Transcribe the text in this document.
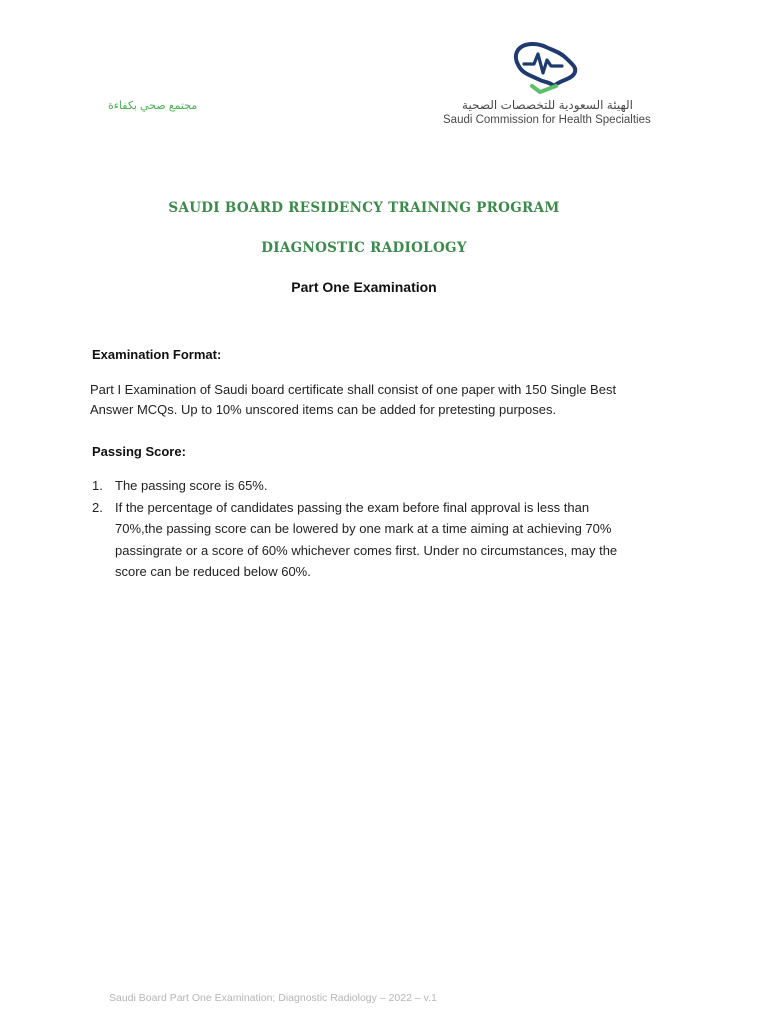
مجتمع صحي بكفاءة	الهيئة السعودية للتخصصات الصحية
Saudi Commission for Health Specialties
SAUDI BOARD RESIDENCY TRAINING PROGRAM
DIAGNOSTIC RADIOLOGY
Part One Examination
Examination Format:
Part I Examination of Saudi board certificate shall consist of one paper with 150 Single Best Answer MCQs. Up to 10% unscored items can be added for pretesting purposes.
Passing Score:
1. The passing score is 65%.
2. If the percentage of candidates passing the exam before final approval is less than 70%,the passing score can be lowered by one mark at a time aiming at achieving 70% passingrate or a score of 60% whichever comes first. Under no circumstances, may the score can be reduced below 60%.
Saudi Board Part One Examination; Diagnostic Radiology – 2022 – v.1
